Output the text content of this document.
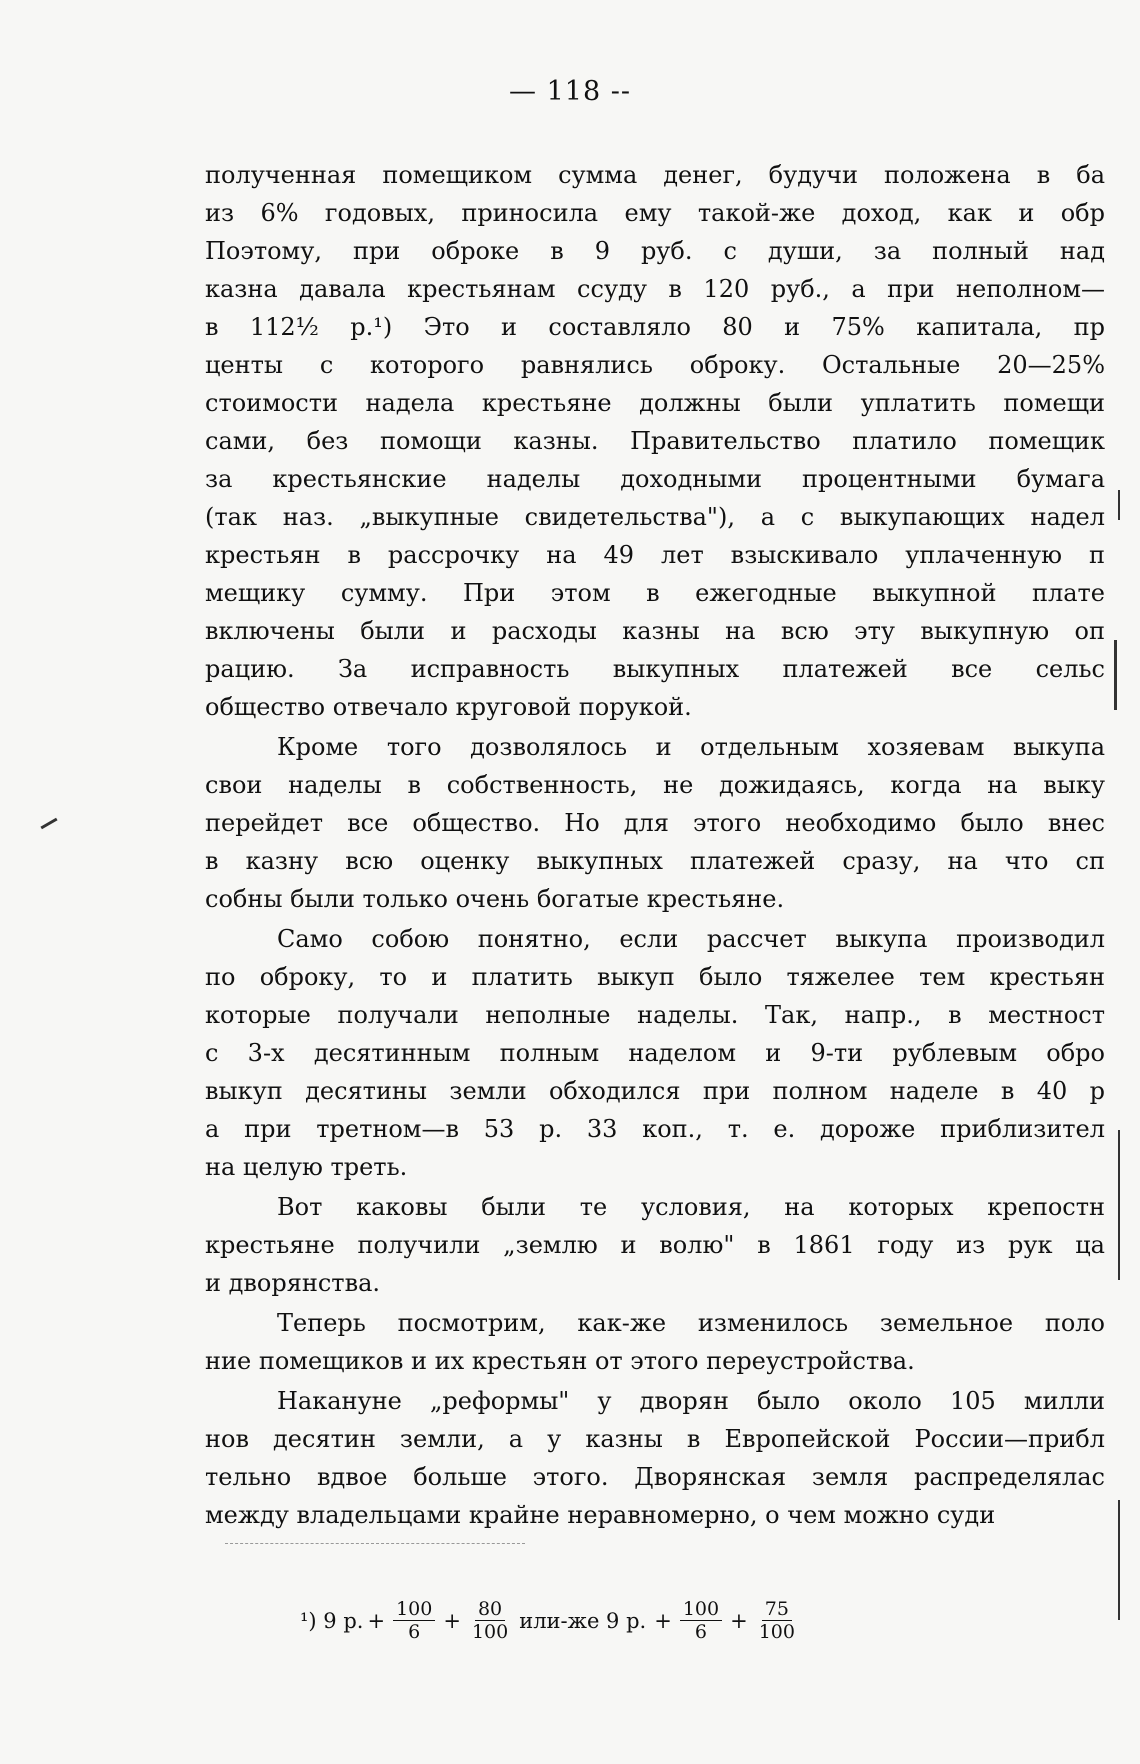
— 118 --
полученная помещиком сумма денег, будучи положена в ба
из 6% годовых, приносила ему такой-же доход, как и обр
Поэтому, при оброке в 9 руб. с души, за полный над
казна давала крестьянам ссуду в 120 руб., а при неполном—
в 112½ р.¹) Это и составляло 80 и 75% капитала, пр
центы с которого равнялись оброку. Остальные 20—25%
стоимости надела крестьяне должны были уплатить помещи
сами, без помощи казны. Правительство платило помещик
за крестьянские наделы доходными процентными бумага
(так наз. „выкупные свидетельства"), а с выкупающих надел
крестьян в рассрочку на 49 лет взыскивало уплаченную п
мещику сумму. При этом в ежегодные выкупной плате
включены были и расходы казны на всю эту выкупную оп
рацию. За исправность выкупных платежей все сельс
общество отвечало круговой порукой.
Кроме того дозволялось и отдельным хозяевам выкупа
свои наделы в собственность, не дожидаясь, когда на выку
перейдет все общество. Но для этого необходимо было внес
в казну всю оценку выкупных платежей сразу, на что сп
собны были только очень богатые крестьяне.
Само собою понятно, если рассчет выкупа производил
по оброку, то и платить выкуп было тяжелее тем крестьян
которые получали неполные наделы. Так, напр., в местност
с 3-х десятинным полным наделом и 9-ти рублевым обро
выкуп десятины земли обходился при полном наделе в 40 р
а при третном—в 53 р. 33 коп., т. е. дороже приблизител
на целую треть.
Вот каковы были те условия, на которых крепостн
крестьяне получили „землю и волю" в 1861 году из рук ца
и дворянства.
Теперь посмотрим, как-же изменилось земельное поло
ние помещиков и их крестьян от этого переустройства.
Накануне „реформы" у дворян было около 105 милли
нов десятин земли, а у казны в Европейской России—прибл
тельно вдвое больше этого. Дворянская земля распределялас
между владельцами крайне неравномерно, о чем можно суди
¹) 9 р. + $\frac{100}{6} + \frac{80}{100} или-же$ 9 р. + $\frac{100}{6} + \frac{75}{100}$
